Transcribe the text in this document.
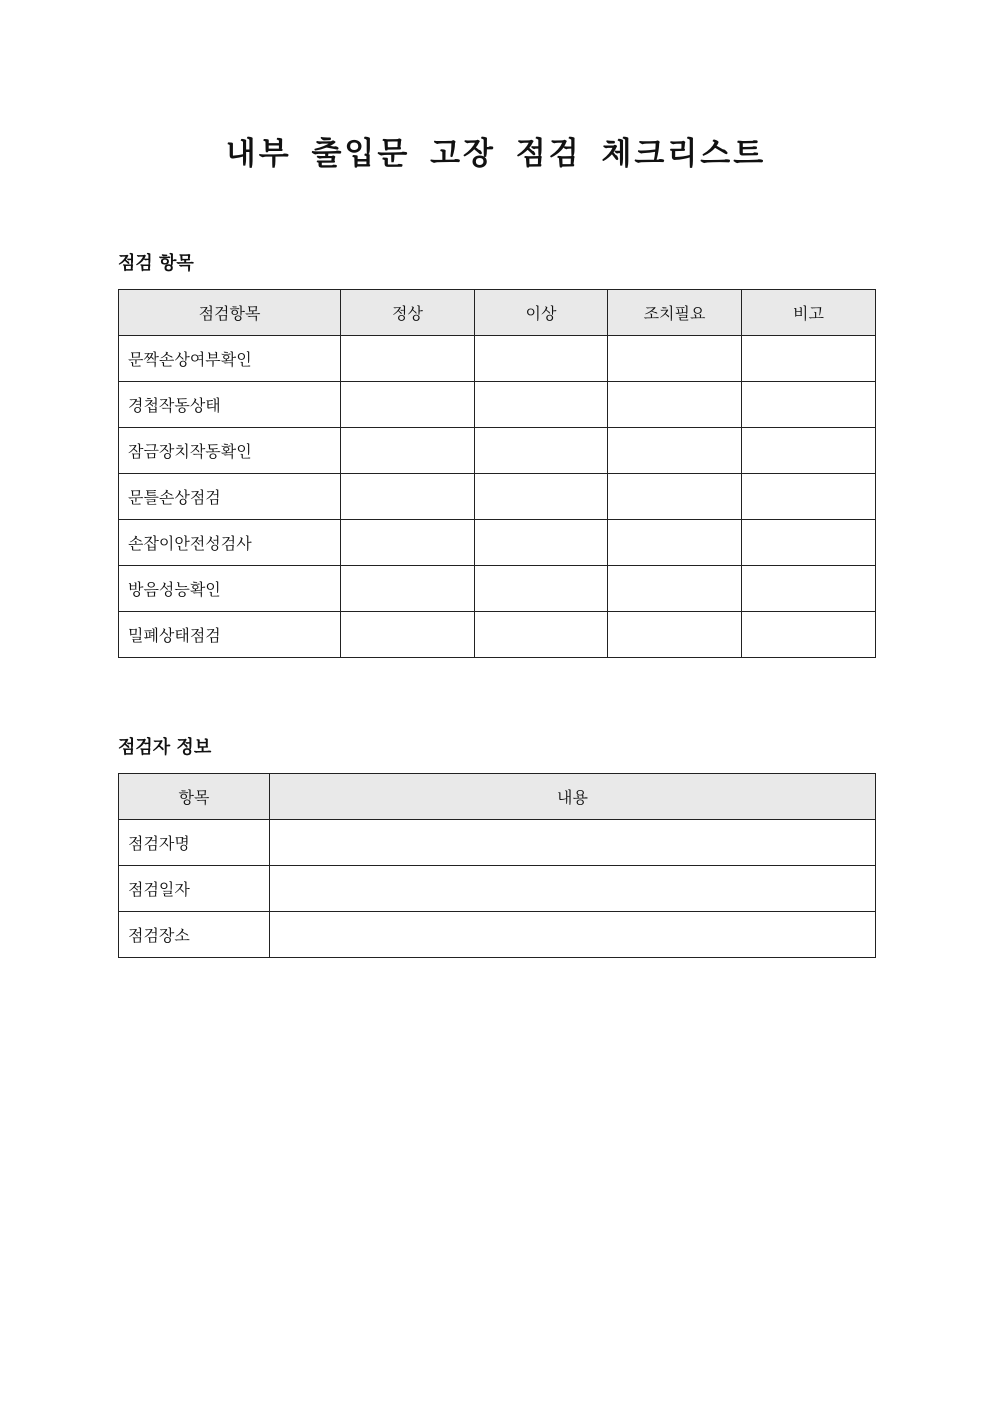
내부 출입문 고장 점검 체크리스트
점검 항목
점검항목	정상	이상	조치필요	비고
문짝손상여부확인				
경첩작동상태				
잠금장치작동확인				
문틀손상점검				
손잡이안전성검사				
방음성능확인				
밀폐상태점검				
점검자 정보
항목	내용
점검자명	
점검일자	
점검장소	
